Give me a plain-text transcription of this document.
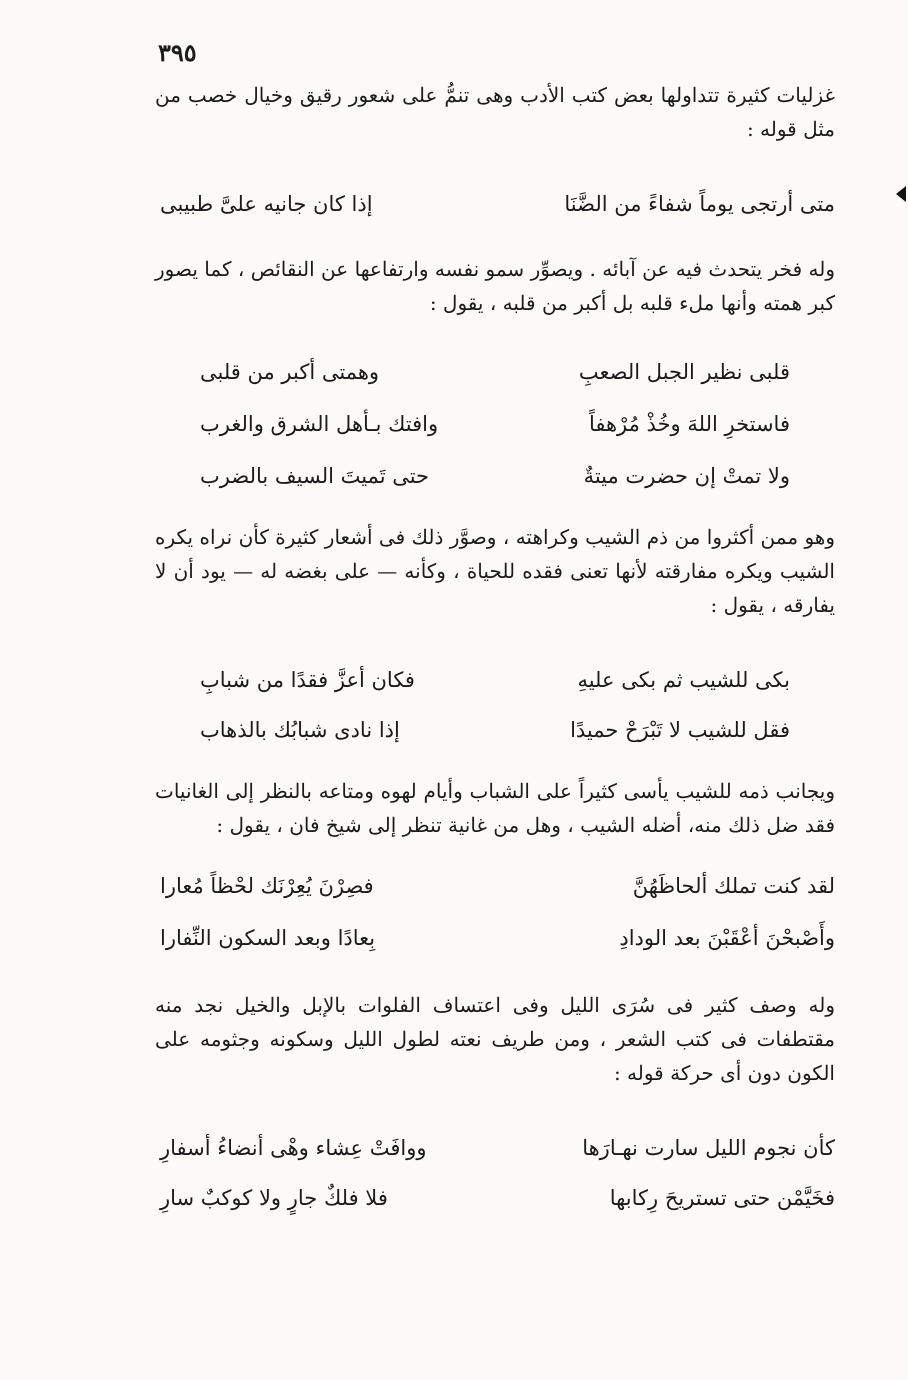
٣٩٥

غزليات كثيرة تتداولها بعض كتب الأدب وهى تنمُّ على شعور رقيق وخيال خصب من مثل قوله :

متى أرتجى يوماً شفاءً من الضَّنَا
إذا كان جانيه علىَّ طبيبى

وله فخر يتحدث فيه عن آبائه . ويصوِّر سمو نفسه وارتفاعها عن النقائص ، كما يصور كبر همته وأنها ملء قلبه بل أكبر من قلبه ، يقول :

قلبى نظير الجبل الصعبِ
وهمتى أكبر من قلبى
فاستخرِ اللهَ وخُذْ مُرْهفاً
وافتك بـأهل الشرق والغرب
ولا تمتْ إن حضرت ميتةٌ
حتى تَميتَ السيف بالضرب

وهو ممن أكثروا من ذم الشيب وكراهته ، وصوَّر ذلك فى أشعار كثيرة كأن نراه يكره الشيب ويكره مفارقته لأنها تعنى فقده للحياة ، وكأنه — على بغضه له — يود أن لا يفارقه ، يقول :

بكى للشيب ثم بكى عليهِ
فكان أعزَّ فقدًا من شبابِ
فقل للشيب لا تَبْرَحْ حميدًا
إذا نادى شبابُك بالذهاب

ويجانب ذمه للشيب يأسى كثيراً على الشباب وأيام لهوه ومتاعه بالنظر إلى الغانيات فقد ضل ذلك منه، أضله الشيب ، وهل من غانية تنظر إلى شيخ فان ، يقول :

لقد كنت تملك ألحاظَهُنَّ
فصِرْنَ يُعِرْنَك لحْظاً مُعارا
وأَصْبحْنَ أعْقَبْنَ بعد الودادِ
بِعادًا وبعد السكون النِّفارا

وله وصف كثير فى سُرَى الليل وفى اعتساف الفلوات بالإبل والخيل نجد منه مقتطفات فى كتب الشعر ، ومن طريف نعته لطول الليل وسكونه وجثومه على الكون دون أى حركة قوله :

كأن نجوم الليل سارت نهـارَها
ووافَتْ عِشاء وهْى أنضاءُ أسفارِ
فخَيَّمْن حتى تستريحَ رِكابها
فلا فلكٌ جارٍ ولا كوكبٌ سارِ
